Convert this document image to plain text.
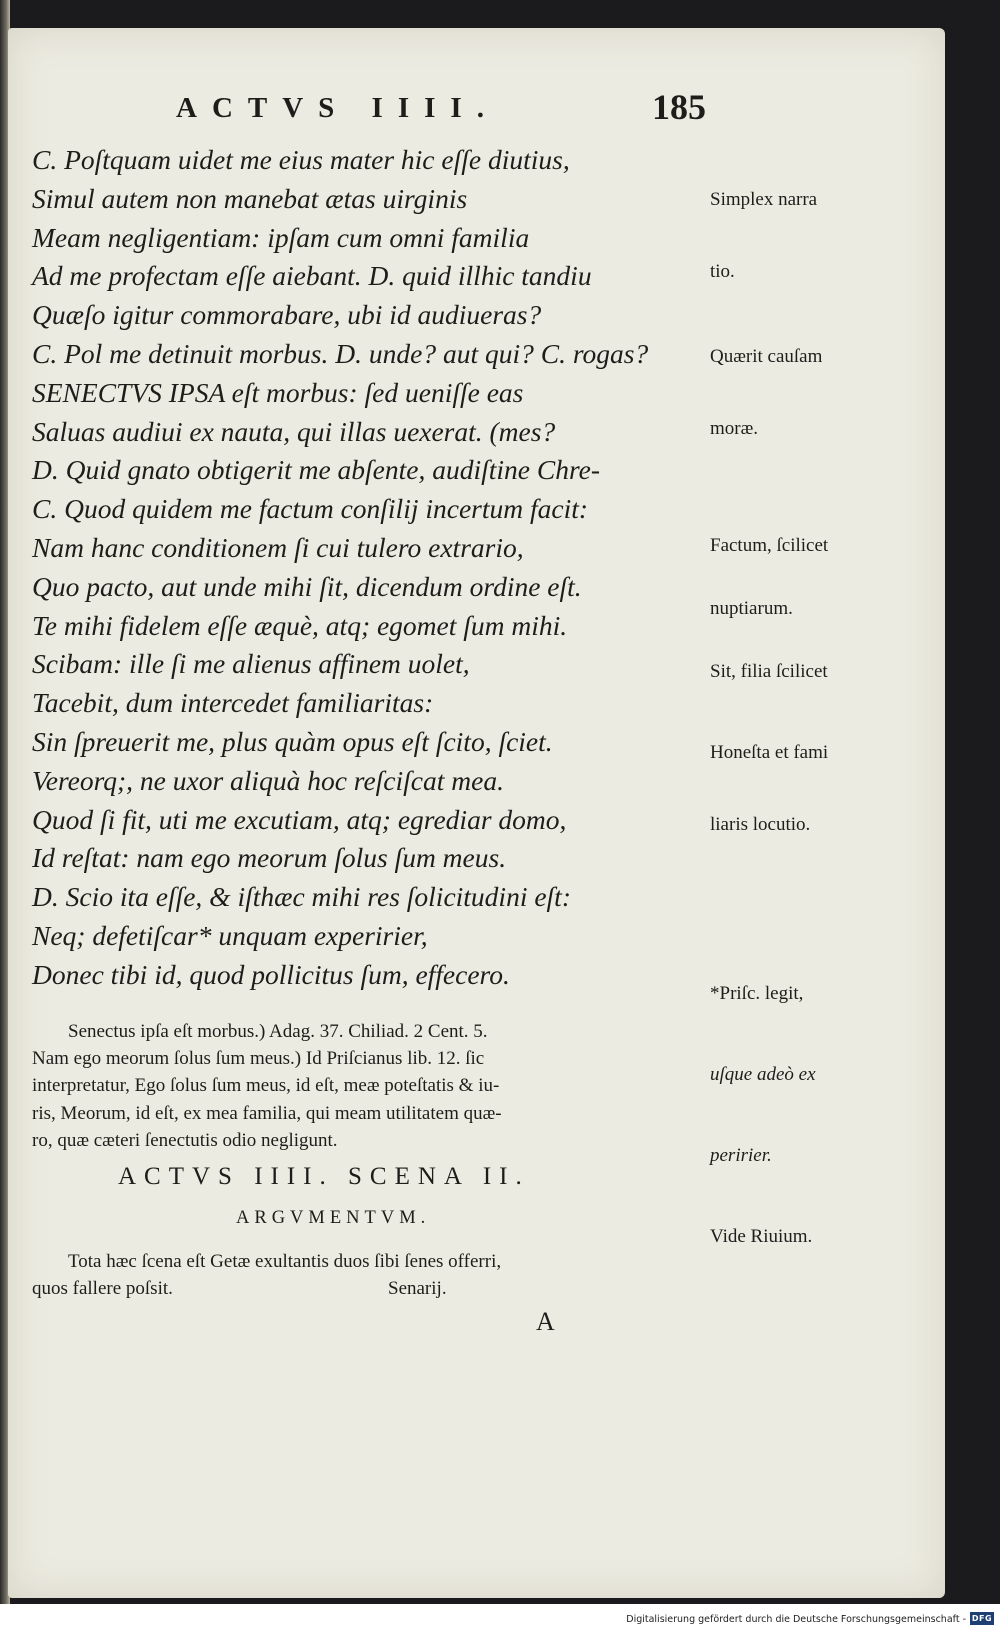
ACTVS IIII.	185
C. Poſtquam uidet me eius mater hic eſſe diutius,
Simul autem non manebat ætas uirginis
Meam negligentiam: ipſam cum omni familia
Ad me profectam eſſe aiebant. D. quid illhic tandiu
Quæſo igitur commorabare, ubi id audiueras?
C. Pol me detinuit morbus. D. unde? aut qui? C. rogas?
SENECTVS IPSA eſt morbus: ſed ueniſſe eas
Saluas audiui ex nauta, qui illas uexerat. (mes?
D. Quid gnato obtigerit me abſente, audiſtine Chre-
C. Quod quidem me factum conſilij incertum facit:
Nam hanc conditionem ſi cui tulero extrario,
Quo pacto, aut unde mihi ſit, dicendum ordine eſt.
Te mihi fidelem eſſe æquè, atq; egomet ſum mihi.
Scibam: ille ſi me alienus affinem uolet,
Tacebit, dum intercedet familiaritas:
Sin ſpreuerit me, plus quàm opus eſt ſcito, ſciet.
Vereorq;, ne uxor aliquà hoc reſciſcat mea.
Quod ſi fit, uti me excutiam, atq; egrediar domo,
Id reſtat: nam ego meorum ſolus ſum meus.
D. Scio ita eſſe, & iſthæc mihi res ſolicitudini eſt:
Neq; defetiſcar* unquam experirier,
Donec tibi id, quod pollicitus ſum, effecero.

Simplex narra

tio.

Quærit cauſam

moræ.

Factum, ſcilicet

nuptiarum.

Sit, filia ſcilicet

Honeſta et fami

liaris locutio.

*Priſc. legit,

uſque adeò ex

peririer.

Vide Riuium.

Senectus ipſa eſt morbus.) Adag. 37. Chiliad. 2 Cent. 5.
Nam ego meorum ſolus ſum meus.) Id Priſcianus lib. 12. ſic
interpretatur, Ego ſolus ſum meus, id eſt, meæ poteſtatis & iu-
ris, Meorum, id eſt, ex mea familia, qui meam utilitatem quæ-
ro, quæ cæteri ſenectutis odio negligunt.
ACTVS IIII. SCENA II.
ARGVMENTVM.
Tota hæc ſcena eſt Getæ exultantis duos ſibi ſenes offerri,
quos fallere poſsit.	Senarij.
A
Digitalisierung gefördert durch die Deutsche Forschungsgemeinschaft - DFG
